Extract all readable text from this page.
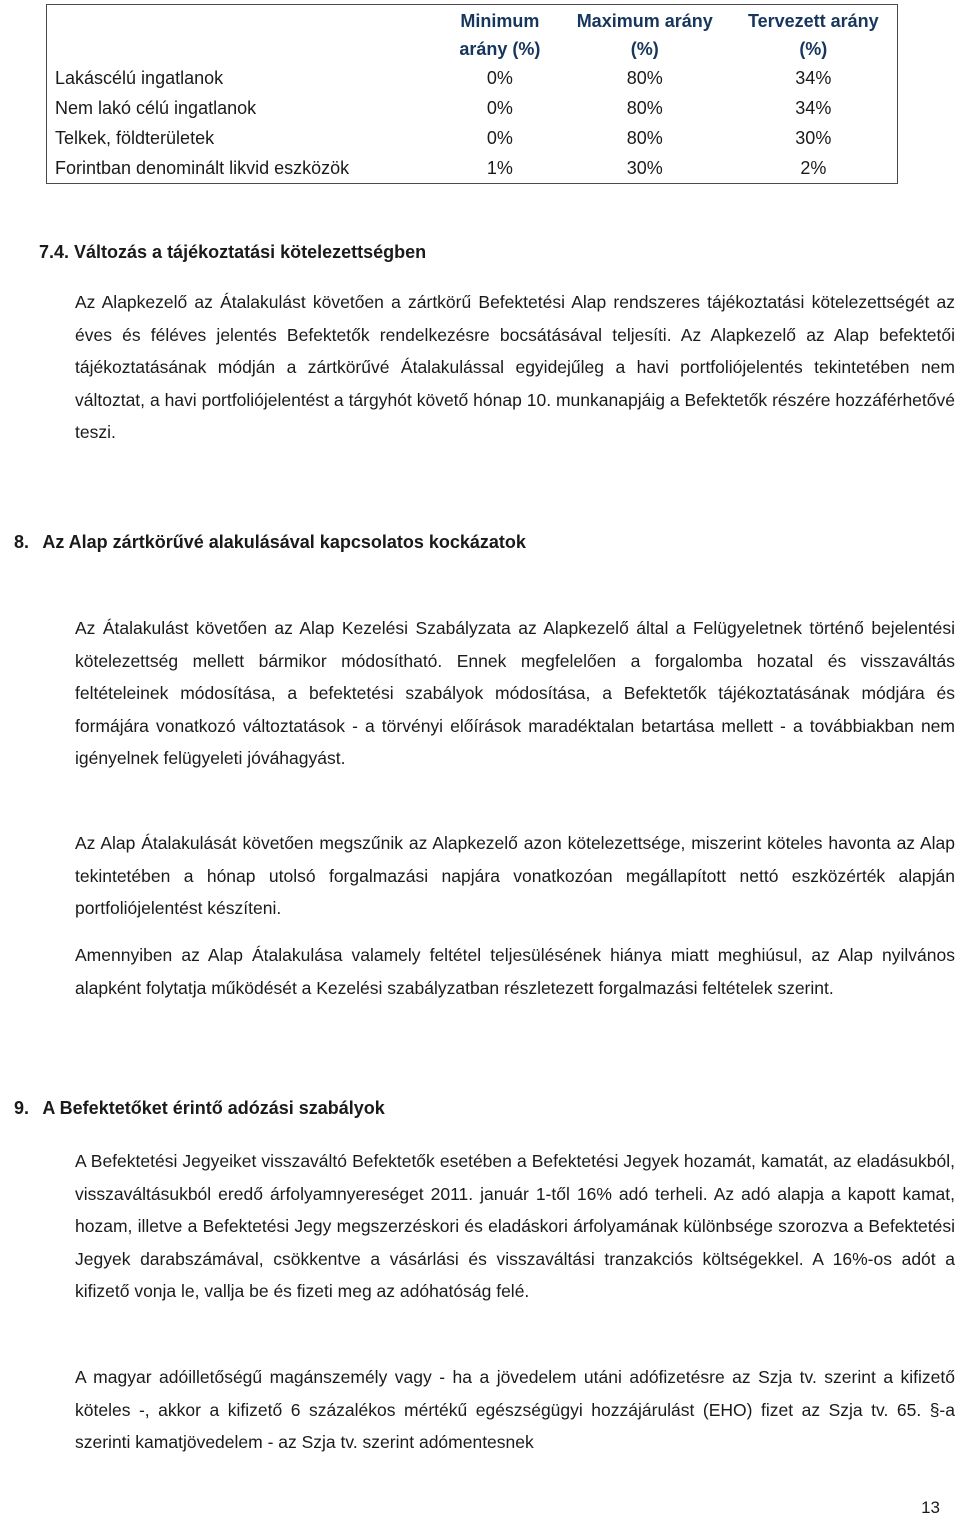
	Minimum arány (%)	Maximum arány (%)	Tervezett arány (%)
Lakáscélú ingatlanok	0%	80%	34%
Nem lakó célú ingatlanok	0%	80%	34%
Telkek, földterületek	0%	80%	30%
Forintban denominált likvid eszközök	1%	30%	2%
7.4. Változás a tájékoztatási kötelezettségben
Az Alapkezelő az Átalakulást követően a zártkörű Befektetési Alap rendszeres tájékoztatási kötelezettségét az éves és féléves jelentés Befektetők rendelkezésre bocsátásával teljesíti. Az Alapkezelő az Alap befektetői tájékoztatásának módján a zártkörűvé Átalakulással egyidejűleg a havi portfoliójelentés tekintetében nem változtat, a havi portfoliójelentést a tárgyhót követő hónap 10. munkanapjáig a Befektetők részére hozzáférhetővé teszi.
8. Az Alap zártkörűvé alakulásával kapcsolatos kockázatok
Az Átalakulást követően az Alap Kezelési Szabályzata az Alapkezelő által a Felügyeletnek történő bejelentési kötelezettség mellett bármikor módosítható. Ennek megfelelően a forgalomba hozatal és visszaváltás feltételeinek módosítása, a befektetési szabályok módosítása, a Befektetők tájékoztatásának módjára és formájára vonatkozó változtatások - a törvényi előírások maradéktalan betartása mellett - a továbbiakban nem igényelnek felügyeleti jóváhagyást.
Az Alap Átalakulását követően megszűnik az Alapkezelő azon kötelezettsége, miszerint köteles havonta az Alap tekintetében a hónap utolsó forgalmazási napjára vonatkozóan megállapított nettó eszközérték alapján portfoliójelentést készíteni.
Amennyiben az Alap Átalakulása valamely feltétel teljesülésének hiánya miatt meghiúsul, az Alap nyilvános alapként folytatja működését a Kezelési szabályzatban részletezett forgalmazási feltételek szerint.
9. A Befektetőket érintő adózási szabályok
A Befektetési Jegyeiket visszaváltó Befektetők esetében a Befektetési Jegyek hozamát, kamatát, az eladásukból, visszaváltásukból eredő árfolyamnyereséget 2011. január 1-től 16% adó terheli. Az adó alapja a kapott kamat, hozam, illetve a Befektetési Jegy megszerzéskori és eladáskori árfolyamának különbsége szorozva a Befektetési Jegyek darabszámával, csökkentve a vásárlási és visszaváltási tranzakciós költségekkel. A 16%-os adót a kifizető vonja le, vallja be és fizeti meg az adóhatóság felé.
A magyar adóilletőségű magánszemély vagy - ha a jövedelem utáni adófizetésre az Szja tv. szerint a kifizető köteles -, akkor a kifizető 6 százalékos mértékű egészségügyi hozzájárulást (EHO) fizet az Szja tv. 65. §-a szerinti kamatjövedelem - az Szja tv. szerint adómentesnek
13
